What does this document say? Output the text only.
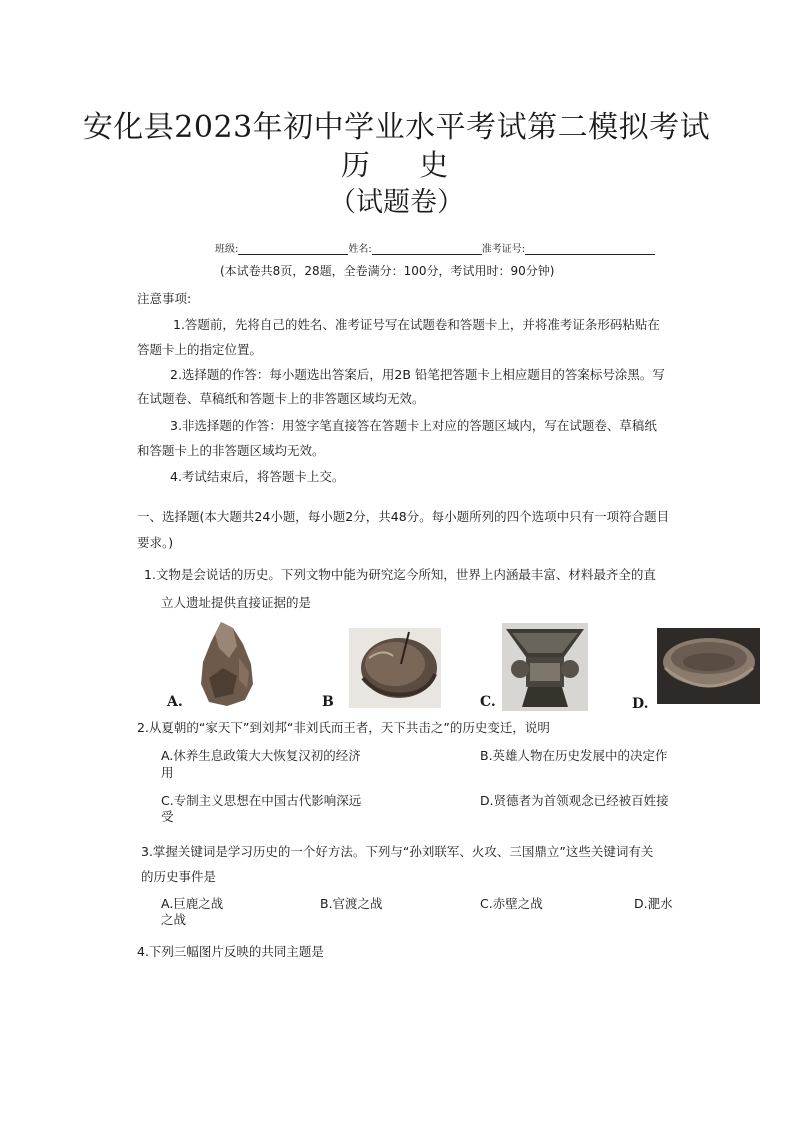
安化县2023年初中学业水平考试第二模拟考试
历 史
（试题卷）
班级:	姓名:	准考证号:
(本试卷共8页，28题，全卷满分：100分，考试用时：90分钟)
注意事项:
1.答题前，先将自己的姓名、准考证号写在试题卷和答题卡上，并将准考证条形码粘贴在
答题卡上的指定位置。
2.选择题的作答：每小题选出答案后，用2B 铅笔把答题卡上相应题目的答案标号涂黑。写
在试题卷、草稿纸和答题卡上的非答题区域均无效。
3.非选择题的作答：用签字笔直接答在答题卡上对应的答题区域内，写在试题卷、草稿纸
和答题卡上的非答题区域均无效。
4.考试结束后，将答题卡上交。
一、选择题(本大题共24小题，每小题2分，共48分。每小题所列的四个选项中只有一项符合题目
要求。)
1.文物是会说话的历史。下列文物中能为研究迄今所知，世界上内涵最丰富、材料最齐全的直
立人遗址提供直接证据的是
A.	B	C.	D.
2.从夏朝的“家天下”到刘邦“非刘氏而王者，天下共击之”的历史变迁，说明
A.休养生息政策大大恢复汉初的经济	B.英雄人物在历史发展中的决定作
用
C.专制主义思想在中国古代影响深远	D.贤德者为首领观念已经被百姓接
受
3.掌握关键词是学习历史的一个好方法。下列与“孙刘联军、火攻、三国鼎立”这些关键词有关
的历史事件是
A.巨鹿之战	B.官渡之战	C.赤壁之战	D.淝水
之战
4.下列三幅图片反映的共同主题是
